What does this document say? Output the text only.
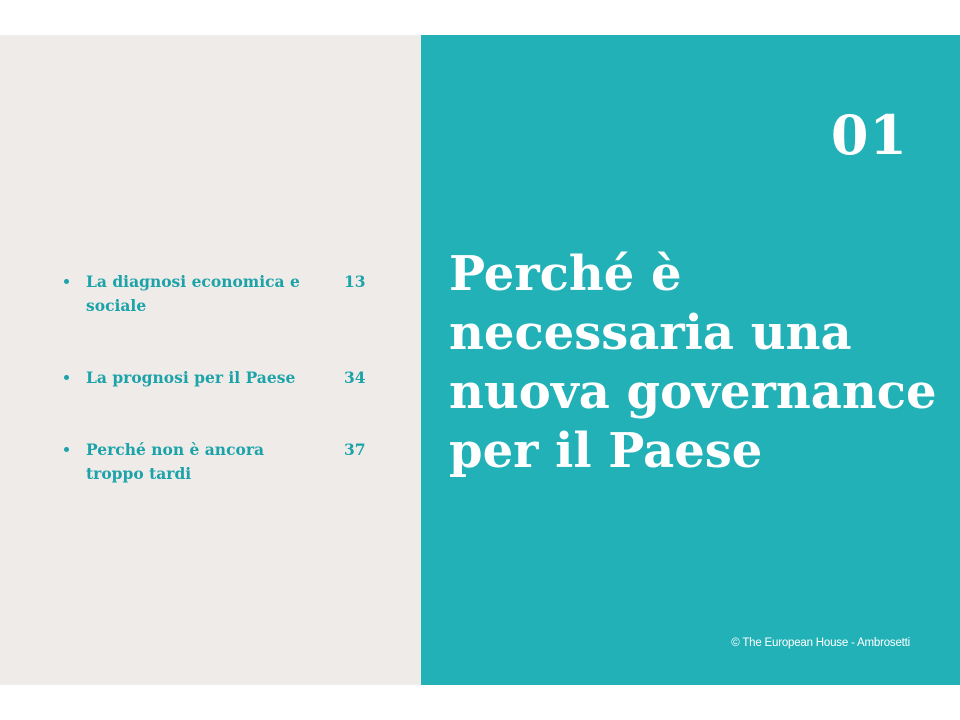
La diagnosi economica e sociale
13
La prognosi per il Paese	34
Perché non è ancora troppo tardi
37
01
Perché è necessaria una nuova governance per il Paese
© The European House - Ambrosetti
